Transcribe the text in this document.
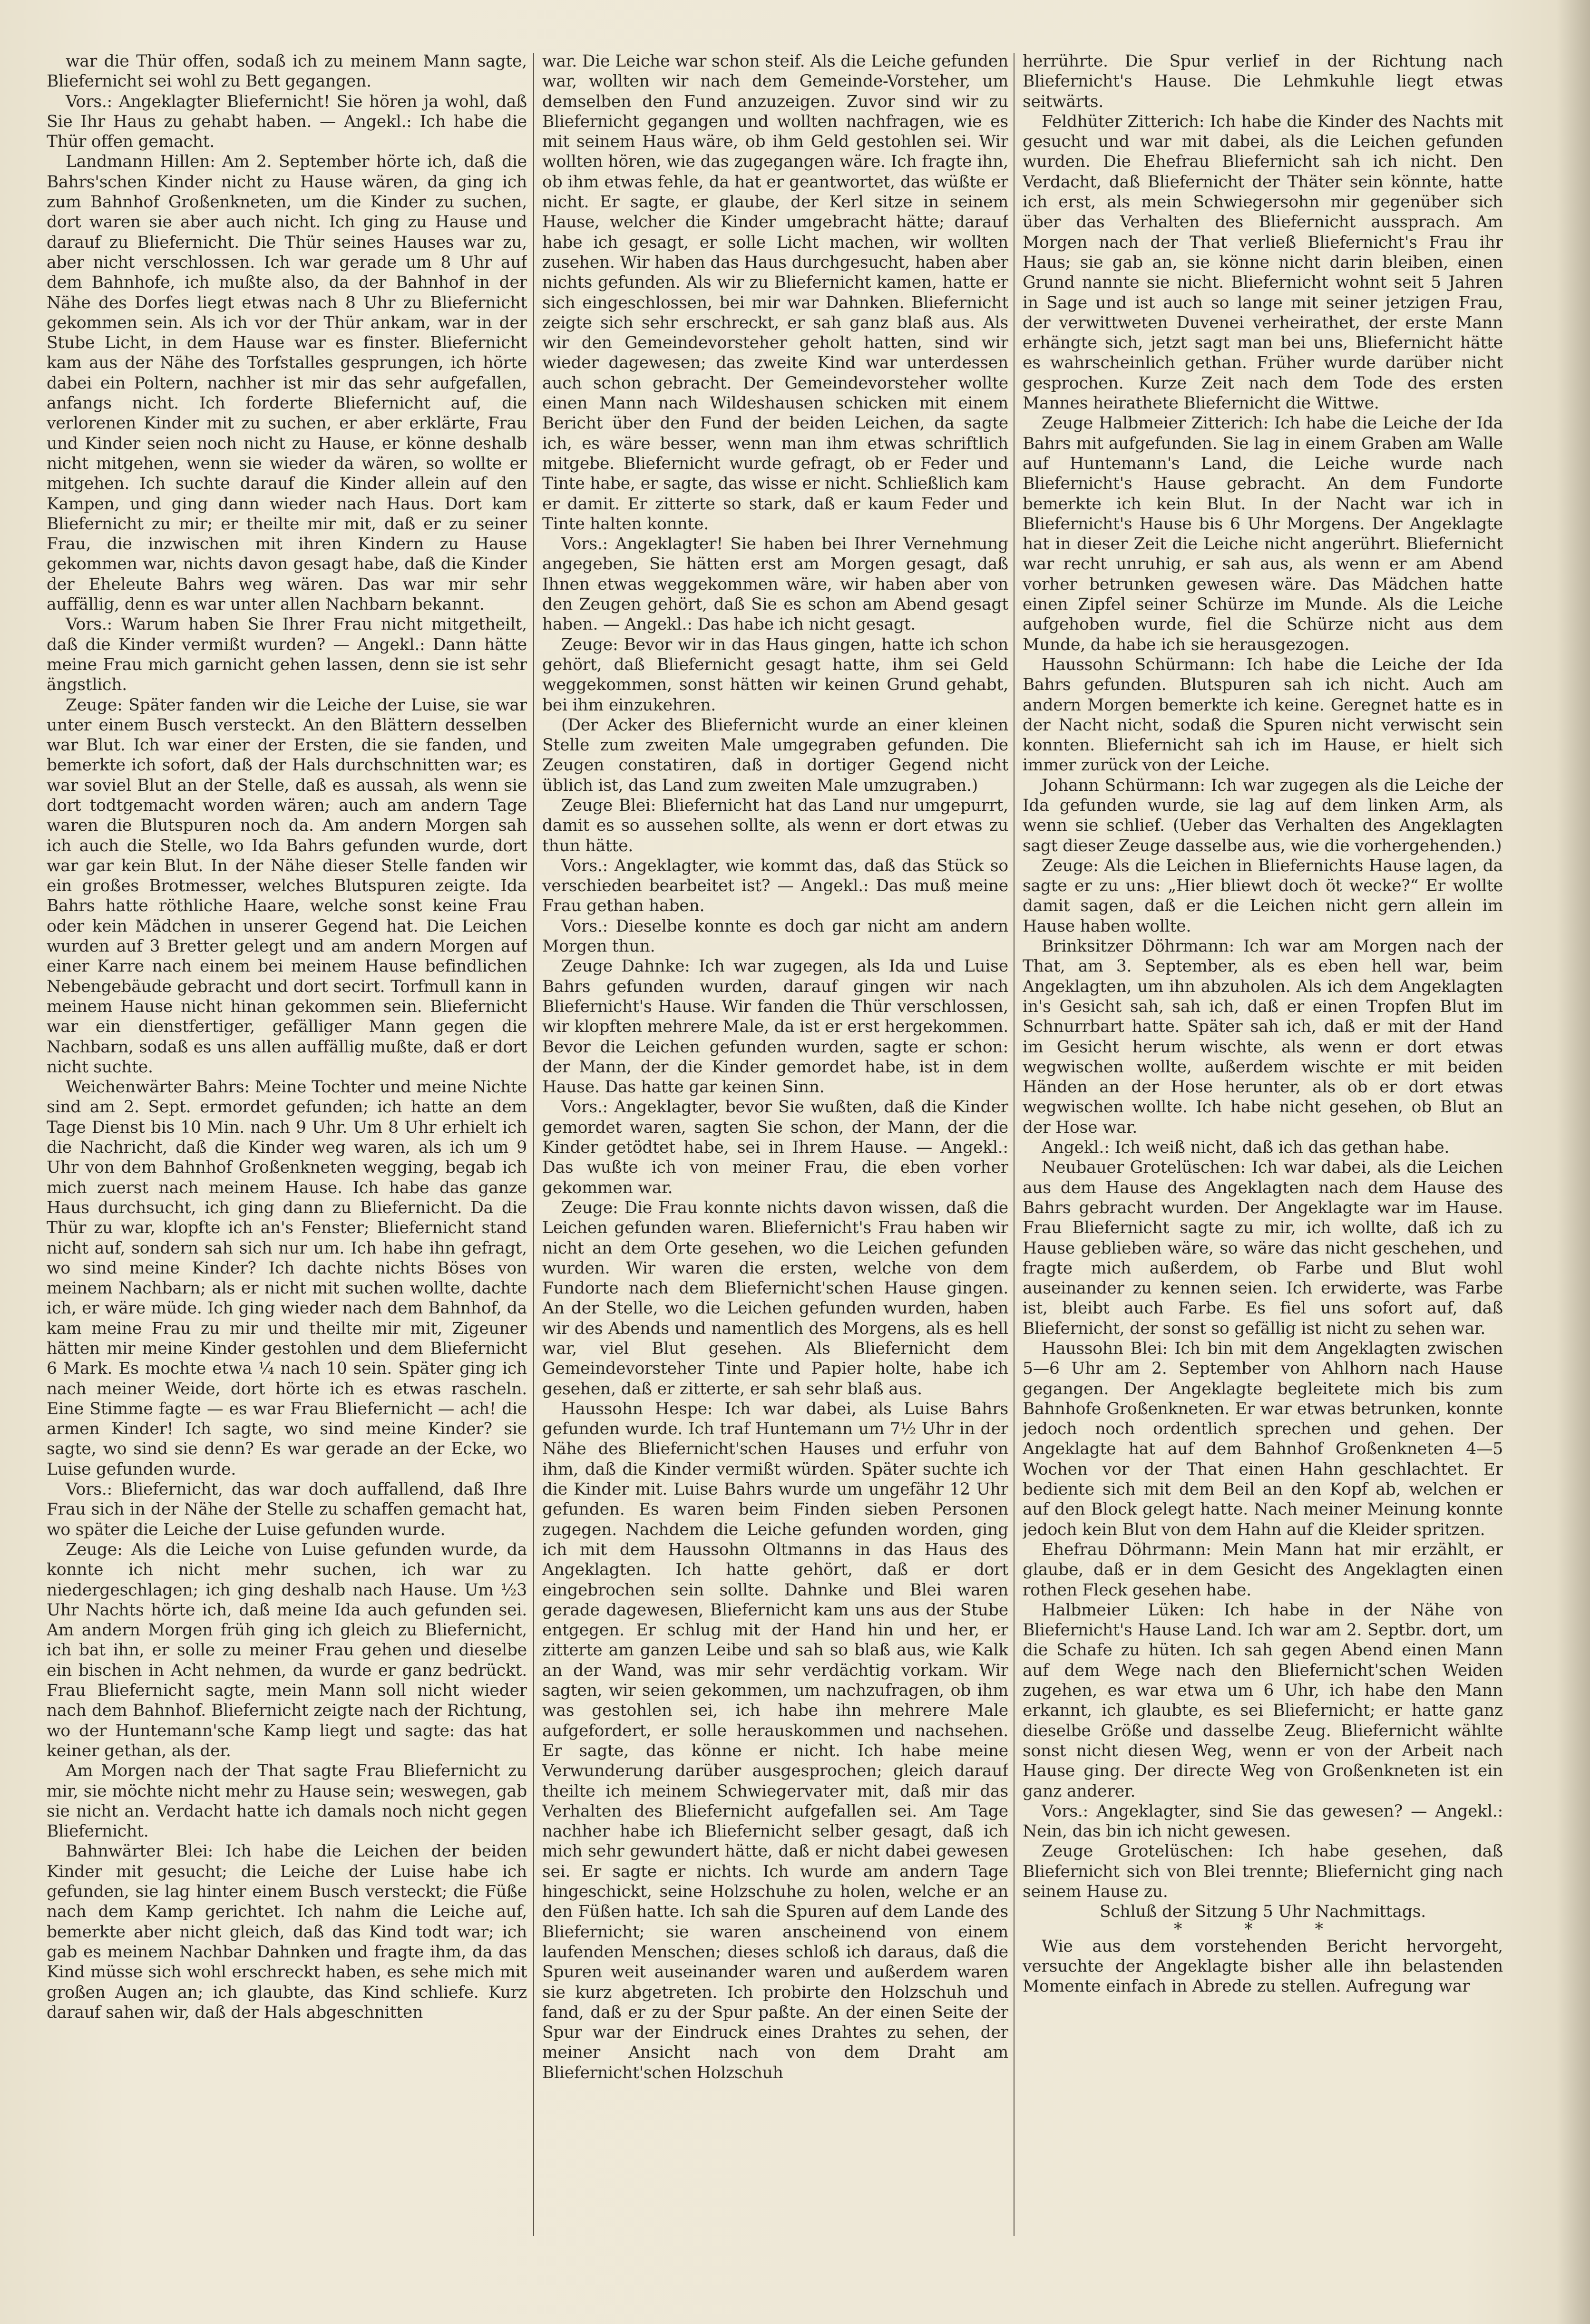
war die Thür offen, sodaß ich zu meinem Mann sagte, Bliefernicht sei wohl zu Bett gegangen.

Vors.: Angeklagter Bliefernicht! Sie hören ja wohl, daß Sie Ihr Haus zu gehabt haben. — Angekl.: Ich habe die Thür offen gemacht.

Landmann Hillen: Am 2. September hörte ich, daß die Bahrs'schen Kinder nicht zu Hause wären, da ging ich zum Bahnhof Großenkneten, um die Kinder zu suchen, dort waren sie aber auch nicht. Ich ging zu Hause und darauf zu Bliefernicht. Die Thür seines Hauses war zu, aber nicht verschlossen. Ich war gerade um 8 Uhr auf dem Bahnhofe, ich mußte also, da der Bahnhof in der Nähe des Dorfes liegt etwas nach 8 Uhr zu Bliefernicht gekommen sein. Als ich vor der Thür ankam, war in der Stube Licht, in dem Hause war es finster. Bliefernicht kam aus der Nähe des Torfstalles gesprungen, ich hörte dabei ein Poltern, nachher ist mir das sehr aufgefallen, anfangs nicht. Ich forderte Bliefernicht auf, die verlorenen Kinder mit zu suchen, er aber erklärte, Frau und Kinder seien noch nicht zu Hause, er könne deshalb nicht mitgehen, wenn sie wieder da wären, so wollte er mitgehen. Ich suchte darauf die Kinder allein auf den Kampen, und ging dann wieder nach Haus. Dort kam Bliefernicht zu mir; er theilte mir mit, daß er zu seiner Frau, die inzwischen mit ihren Kindern zu Hause gekommen war, nichts davon gesagt habe, daß die Kinder der Eheleute Bahrs weg wären. Das war mir sehr auffällig, denn es war unter allen Nachbarn bekannt.

Vors.: Warum haben Sie Ihrer Frau nicht mitgetheilt, daß die Kinder vermißt wurden? — Angekl.: Dann hätte meine Frau mich garnicht gehen lassen, denn sie ist sehr ängstlich.

Zeuge: Später fanden wir die Leiche der Luise, sie war unter einem Busch versteckt. An den Blättern desselben war Blut. Ich war einer der Ersten, die sie fanden, und bemerkte ich sofort, daß der Hals durchschnitten war; es war soviel Blut an der Stelle, daß es aussah, als wenn sie dort todtgemacht worden wären; auch am andern Tage waren die Blutspuren noch da. Am andern Morgen sah ich auch die Stelle, wo Ida Bahrs gefunden wurde, dort war gar kein Blut. In der Nähe dieser Stelle fanden wir ein großes Brotmesser, welches Blutspuren zeigte. Ida Bahrs hatte röthliche Haare, welche sonst keine Frau oder kein Mädchen in unserer Gegend hat. Die Leichen wurden auf 3 Bretter gelegt und am andern Morgen auf einer Karre nach einem bei meinem Hause befindlichen Nebengebäude gebracht und dort secirt. Torfmull kann in meinem Hause nicht hinan gekommen sein. Bliefernicht war ein dienstfertiger, gefälliger Mann gegen die Nachbarn, sodaß es uns allen auffällig mußte, daß er dort nicht suchte.

Weichenwärter Bahrs: Meine Tochter und meine Nichte sind am 2. Sept. ermordet gefunden; ich hatte an dem Tage Dienst bis 10 Min. nach 9 Uhr. Um 8 Uhr erhielt ich die Nachricht, daß die Kinder weg waren, als ich um 9 Uhr von dem Bahnhof Großenkneten wegging, begab ich mich zuerst nach meinem Hause. Ich habe das ganze Haus durchsucht, ich ging dann zu Bliefernicht. Da die Thür zu war, klopfte ich an's Fenster; Bliefernicht stand nicht auf, sondern sah sich nur um. Ich habe ihn gefragt, wo sind meine Kinder? Ich dachte nichts Böses von meinem Nachbarn; als er nicht mit suchen wollte, dachte ich, er wäre müde. Ich ging wieder nach dem Bahnhof, da kam meine Frau zu mir und theilte mir mit, Zigeuner hätten mir meine Kinder gestohlen und dem Bliefernicht 6 Mark. Es mochte etwa ¼ nach 10 sein. Später ging ich nach meiner Weide, dort hörte ich es etwas rascheln. Eine Stimme fagte — es war Frau Bliefernicht — ach! die armen Kinder! Ich sagte, wo sind meine Kinder? sie sagte, wo sind sie denn? Es war gerade an der Ecke, wo Luise gefunden wurde.

Vors.: Bliefernicht, das war doch auffallend, daß Ihre Frau sich in der Nähe der Stelle zu schaffen gemacht hat, wo später die Leiche der Luise gefunden wurde.

Zeuge: Als die Leiche von Luise gefunden wurde, da konnte ich nicht mehr suchen, ich war zu niedergeschlagen; ich ging deshalb nach Hause. Um ½3 Uhr Nachts hörte ich, daß meine Ida auch gefunden sei. Am andern Morgen früh ging ich gleich zu Bliefernicht, ich bat ihn, er solle zu meiner Frau gehen und dieselbe ein bischen in Acht nehmen, da wurde er ganz bedrückt. Frau Bliefernicht sagte, mein Mann soll nicht wieder nach dem Bahnhof. Bliefernicht zeigte nach der Richtung, wo der Huntemann'sche Kamp liegt und sagte: das hat keiner gethan, als der.

Am Morgen nach der That sagte Frau Bliefernicht zu mir, sie möchte nicht mehr zu Hause sein; weswegen, gab sie nicht an. Verdacht hatte ich damals noch nicht gegen Bliefernicht.

Bahnwärter Blei: Ich habe die Leichen der beiden Kinder mit gesucht; die Leiche der Luise habe ich gefunden, sie lag hinter einem Busch versteckt; die Füße nach dem Kamp gerichtet. Ich nahm die Leiche auf, bemerkte aber nicht gleich, daß das Kind todt war; ich gab es meinem Nachbar Dahnken und fragte ihm, da das Kind müsse sich wohl erschreckt haben, es sehe mich mit großen Augen an; ich glaubte, das Kind schliefe. Kurz darauf sahen wir, daß der Hals abgeschnitten

war. Die Leiche war schon steif. Als die Leiche gefunden war, wollten wir nach dem Gemeinde-Vorsteher, um demselben den Fund anzuzeigen. Zuvor sind wir zu Bliefernicht gegangen und wollten nachfragen, wie es mit seinem Haus wäre, ob ihm Geld gestohlen sei. Wir wollten hören, wie das zugegangen wäre. Ich fragte ihn, ob ihm etwas fehle, da hat er geantwortet, das wüßte er nicht. Er sagte, er glaube, der Kerl sitze in seinem Hause, welcher die Kinder umgebracht hätte; darauf habe ich gesagt, er solle Licht machen, wir wollten zusehen. Wir haben das Haus durchgesucht, haben aber nichts gefunden. Als wir zu Bliefernicht kamen, hatte er sich eingeschlossen, bei mir war Dahnken. Bliefernicht zeigte sich sehr erschreckt, er sah ganz blaß aus. Als wir den Gemeindevorsteher geholt hatten, sind wir wieder dagewesen; das zweite Kind war unterdessen auch schon gebracht. Der Gemeindevorsteher wollte einen Mann nach Wildeshausen schicken mit einem Bericht über den Fund der beiden Leichen, da sagte ich, es wäre besser, wenn man ihm etwas schriftlich mitgebe. Bliefernicht wurde gefragt, ob er Feder und Tinte habe, er sagte, das wisse er nicht. Schließlich kam er damit. Er zitterte so stark, daß er kaum Feder und Tinte halten konnte.

Vors.: Angeklagter! Sie haben bei Ihrer Vernehmung angegeben, Sie hätten erst am Morgen gesagt, daß Ihnen etwas weggekommen wäre, wir haben aber von den Zeugen gehört, daß Sie es schon am Abend gesagt haben. — Angekl.: Das habe ich nicht gesagt.

Zeuge: Bevor wir in das Haus gingen, hatte ich schon gehört, daß Bliefernicht gesagt hatte, ihm sei Geld weggekommen, sonst hätten wir keinen Grund gehabt, bei ihm einzukehren.

(Der Acker des Bliefernicht wurde an einer kleinen Stelle zum zweiten Male umgegraben gefunden. Die Zeugen constatiren, daß in dortiger Gegend nicht üblich ist, das Land zum zweiten Male umzugraben.)

Zeuge Blei: Bliefernicht hat das Land nur umgepurrt, damit es so aussehen sollte, als wenn er dort etwas zu thun hätte.

Vors.: Angeklagter, wie kommt das, daß das Stück so verschieden bearbeitet ist? — Angekl.: Das muß meine Frau gethan haben.

Vors.: Dieselbe konnte es doch gar nicht am andern Morgen thun.

Zeuge Dahnke: Ich war zugegen, als Ida und Luise Bahrs gefunden wurden, darauf gingen wir nach Bliefernicht's Hause. Wir fanden die Thür verschlossen, wir klopften mehrere Male, da ist er erst hergekommen. Bevor die Leichen gefunden wurden, sagte er schon: der Mann, der die Kinder gemordet habe, ist in dem Hause. Das hatte gar keinen Sinn.

Vors.: Angeklagter, bevor Sie wußten, daß die Kinder gemordet waren, sagten Sie schon, der Mann, der die Kinder getödtet habe, sei in Ihrem Hause. — Angekl.: Das wußte ich von meiner Frau, die eben vorher gekommen war.

Zeuge: Die Frau konnte nichts davon wissen, daß die Leichen gefunden waren. Bliefernicht's Frau haben wir nicht an dem Orte gesehen, wo die Leichen gefunden wurden. Wir waren die ersten, welche von dem Fundorte nach dem Bliefernicht'schen Hause gingen. An der Stelle, wo die Leichen gefunden wurden, haben wir des Abends und namentlich des Morgens, als es hell war, viel Blut gesehen. Als Bliefernicht dem Gemeindevorsteher Tinte und Papier holte, habe ich gesehen, daß er zitterte, er sah sehr blaß aus.

Haussohn Hespe: Ich war dabei, als Luise Bahrs gefunden wurde. Ich traf Huntemann um 7½ Uhr in der Nähe des Bliefernicht'schen Hauses und erfuhr von ihm, daß die Kinder vermißt würden. Später suchte ich die Kinder mit. Luise Bahrs wurde um ungefähr 12 Uhr gefunden. Es waren beim Finden sieben Personen zugegen. Nachdem die Leiche gefunden worden, ging ich mit dem Haussohn Oltmanns in das Haus des Angeklagten. Ich hatte gehört, daß er dort eingebrochen sein sollte. Dahnke und Blei waren gerade dagewesen, Bliefernicht kam uns aus der Stube entgegen. Er schlug mit der Hand hin und her, er zitterte am ganzen Leibe und sah so blaß aus, wie Kalk an der Wand, was mir sehr verdächtig vorkam. Wir sagten, wir seien gekommen, um nachzufragen, ob ihm was gestohlen sei, ich habe ihn mehrere Male aufgefordert, er solle herauskommen und nachsehen. Er sagte, das könne er nicht. Ich habe meine Verwunderung darüber ausgesprochen; gleich darauf theilte ich meinem Schwiegervater mit, daß mir das Verhalten des Bliefernicht aufgefallen sei. Am Tage nachher habe ich Bliefernicht selber gesagt, daß ich mich sehr gewundert hätte, daß er nicht dabei gewesen sei. Er sagte er nichts. Ich wurde am andern Tage hingeschickt, seine Holzschuhe zu holen, welche er an den Füßen hatte. Ich sah die Spuren auf dem Lande des Bliefernicht; sie waren anscheinend von einem laufenden Menschen; dieses schloß ich daraus, daß die Spuren weit auseinander waren und außerdem waren sie kurz abgetreten. Ich probirte den Holzschuh und fand, daß er zu der Spur paßte. An der einen Seite der Spur war der Eindruck eines Drahtes zu sehen, der meiner Ansicht nach von dem Draht am Bliefernicht'schen Holzschuh

herrührte. Die Spur verlief in der Richtung nach Bliefernicht's Hause. Die Lehmkuhle liegt etwas seitwärts.

Feldhüter Zitterich: Ich habe die Kinder des Nachts mit gesucht und war mit dabei, als die Leichen gefunden wurden. Die Ehefrau Bliefernicht sah ich nicht. Den Verdacht, daß Bliefernicht der Thäter sein könnte, hatte ich erst, als mein Schwiegersohn mir gegenüber sich über das Verhalten des Bliefernicht aussprach. Am Morgen nach der That verließ Bliefernicht's Frau ihr Haus; sie gab an, sie könne nicht darin bleiben, einen Grund nannte sie nicht. Bliefernicht wohnt seit 5 Jahren in Sage und ist auch so lange mit seiner jetzigen Frau, der verwittweten Duvenei verheirathet, der erste Mann erhängte sich, jetzt sagt man bei uns, Bliefernicht hätte es wahrscheinlich gethan. Früher wurde darüber nicht gesprochen. Kurze Zeit nach dem Tode des ersten Mannes heirathete Bliefernicht die Wittwe.

Zeuge Halbmeier Zitterich: Ich habe die Leiche der Ida Bahrs mit aufgefunden. Sie lag in einem Graben am Walle auf Huntemann's Land, die Leiche wurde nach Bliefernicht's Hause gebracht. An dem Fundorte bemerkte ich kein Blut. In der Nacht war ich in Bliefernicht's Hause bis 6 Uhr Morgens. Der Angeklagte hat in dieser Zeit die Leiche nicht angerührt. Bliefernicht war recht unruhig, er sah aus, als wenn er am Abend vorher betrunken gewesen wäre. Das Mädchen hatte einen Zipfel seiner Schürze im Munde. Als die Leiche aufgehoben wurde, fiel die Schürze nicht aus dem Munde, da habe ich sie herausgezogen.

Haussohn Schürmann: Ich habe die Leiche der Ida Bahrs gefunden. Blutspuren sah ich nicht. Auch am andern Morgen bemerkte ich keine. Geregnet hatte es in der Nacht nicht, sodaß die Spuren nicht verwischt sein konnten. Bliefernicht sah ich im Hause, er hielt sich immer zurück von der Leiche.

Johann Schürmann: Ich war zugegen als die Leiche der Ida gefunden wurde, sie lag auf dem linken Arm, als wenn sie schlief. (Ueber das Verhalten des Angeklagten sagt dieser Zeuge dasselbe aus, wie die vorhergehenden.)

Zeuge: Als die Leichen in Bliefernichts Hause lagen, da sagte er zu uns: „Hier bliewt doch öt wecke?“ Er wollte damit sagen, daß er die Leichen nicht gern allein im Hause haben wollte.

Brinksitzer Döhrmann: Ich war am Morgen nach der That, am 3. September, als es eben hell war, beim Angeklagten, um ihn abzuholen. Als ich dem Angeklagten in's Gesicht sah, sah ich, daß er einen Tropfen Blut im Schnurrbart hatte. Später sah ich, daß er mit der Hand im Gesicht herum wischte, als wenn er dort etwas wegwischen wollte, außerdem wischte er mit beiden Händen an der Hose herunter, als ob er dort etwas wegwischen wollte. Ich habe nicht gesehen, ob Blut an der Hose war.

Angekl.: Ich weiß nicht, daß ich das gethan habe.

Neubauer Grotelüschen: Ich war dabei, als die Leichen aus dem Hause des Angeklagten nach dem Hause des Bahrs gebracht wurden. Der Angeklagte war im Hause. Frau Bliefernicht sagte zu mir, ich wollte, daß ich zu Hause geblieben wäre, so wäre das nicht geschehen, und fragte mich außerdem, ob Farbe und Blut wohl auseinander zu kennen seien. Ich erwiderte, was Farbe ist, bleibt auch Farbe. Es fiel uns sofort auf, daß Bliefernicht, der sonst so gefällig ist nicht zu sehen war.

Haussohn Blei: Ich bin mit dem Angeklagten zwischen 5—6 Uhr am 2. September von Ahlhorn nach Hause gegangen. Der Angeklagte begleitete mich bis zum Bahnhofe Großenkneten. Er war etwas betrunken, konnte jedoch noch ordentlich sprechen und gehen. Der Angeklagte hat auf dem Bahnhof Großenkneten 4—5 Wochen vor der That einen Hahn geschlachtet. Er bediente sich mit dem Beil an den Kopf ab, welchen er auf den Block gelegt hatte. Nach meiner Meinung konnte jedoch kein Blut von dem Hahn auf die Kleider spritzen.

Ehefrau Döhrmann: Mein Mann hat mir erzählt, er glaube, daß er in dem Gesicht des Angeklagten einen rothen Fleck gesehen habe.

Halbmeier Lüken: Ich habe in der Nähe von Bliefernicht's Hause Land. Ich war am 2. Septbr. dort, um die Schafe zu hüten. Ich sah gegen Abend einen Mann auf dem Wege nach den Bliefernicht'schen Weiden zugehen, es war etwa um 6 Uhr, ich habe den Mann erkannt, ich glaubte, es sei Bliefernicht; er hatte ganz dieselbe Größe und dasselbe Zeug. Bliefernicht wählte sonst nicht diesen Weg, wenn er von der Arbeit nach Hause ging. Der directe Weg von Großenkneten ist ein ganz anderer.

Vors.: Angeklagter, sind Sie das gewesen? — Angekl.: Nein, das bin ich nicht gewesen.

Zeuge Grotelüschen: Ich habe gesehen, daß Bliefernicht sich von Blei trennte; Bliefernicht ging nach seinem Hause zu.

Schluß der Sitzung 5 Uhr Nachmittags.

* * *

Wie aus dem vorstehenden Bericht hervorgeht, versuchte der Angeklagte bisher alle ihn belastenden Momente einfach in Abrede zu stellen. Aufregung war
